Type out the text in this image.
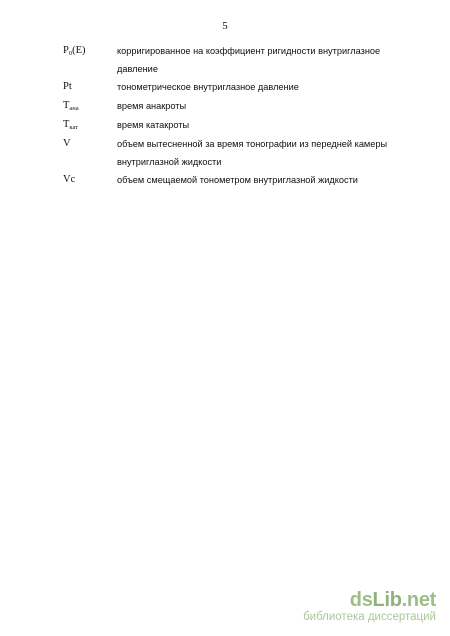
5
$P_0(E)$	корригированное на коэффициент ригидности внутриглазное давление
Pt	тонометрическое внутриглазное давление
$T_{ана}$	время анакроты
$T_{кат}$	время катакроты
V	объем вытесненной за время тонографии из передней камеры внутриглазной жидкости
Vc	объем смещаемой тонометром внутриглазной жидкости
dsLib.net
библиотека диссертаций
